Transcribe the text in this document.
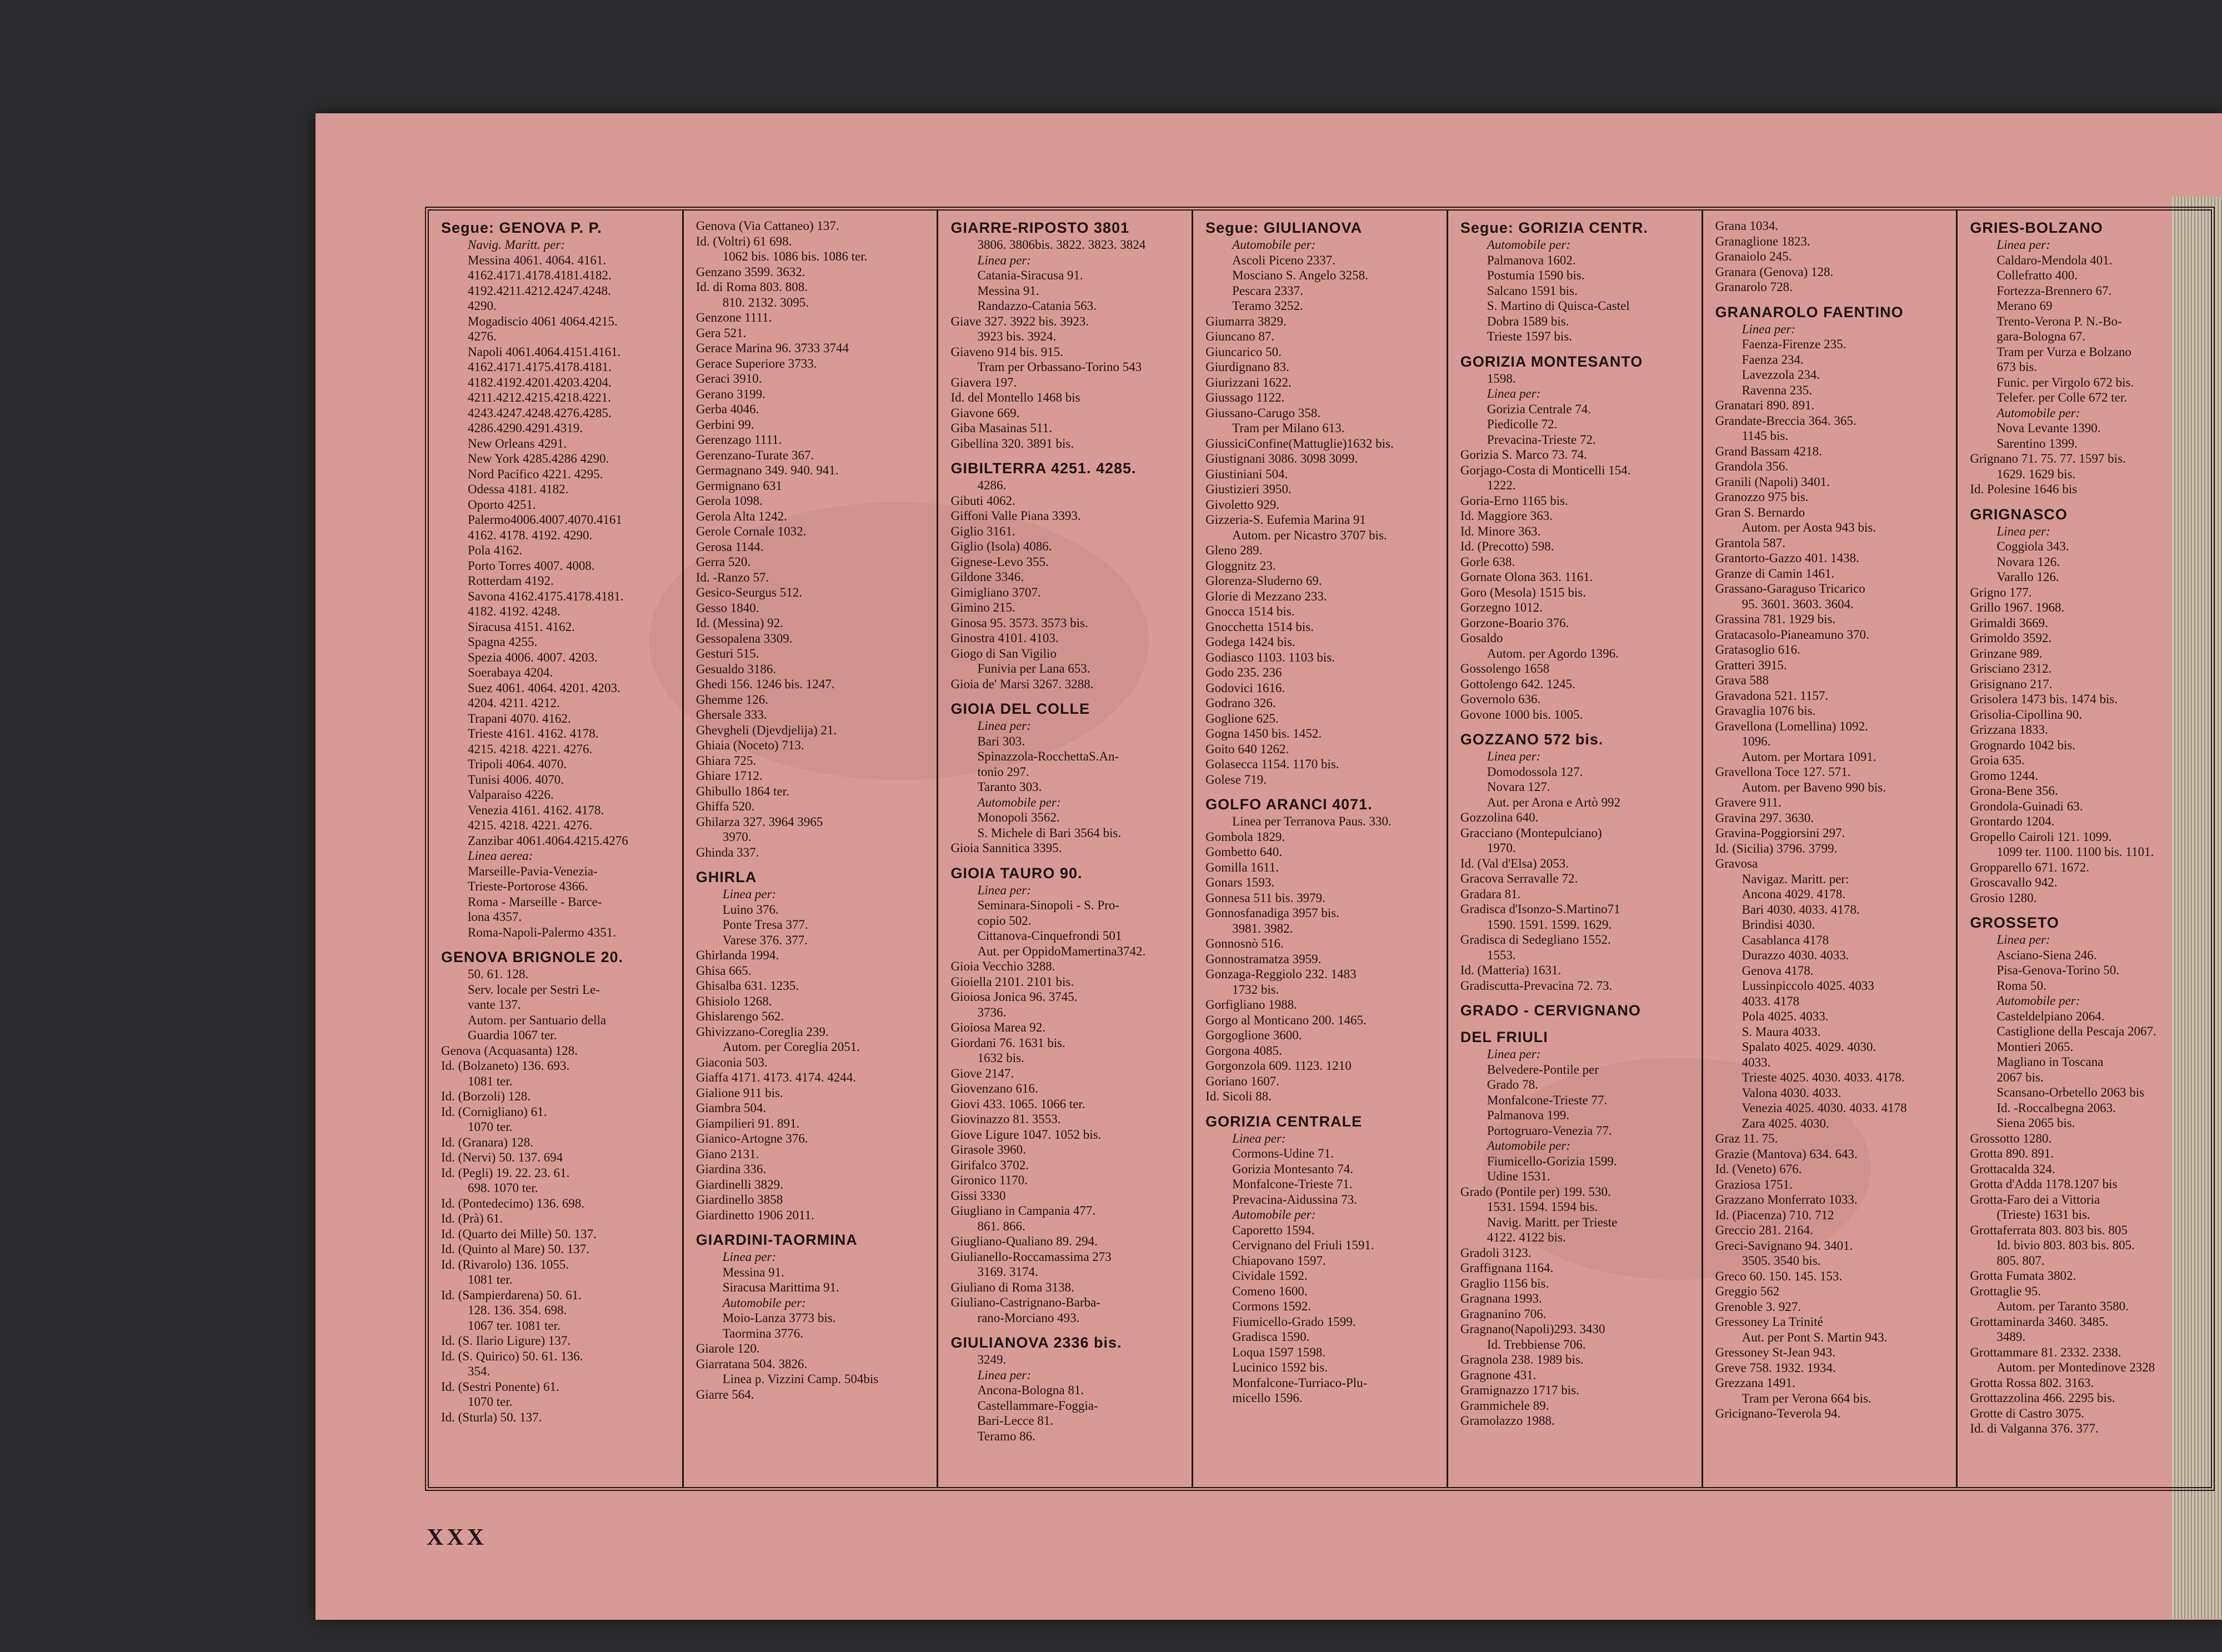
Segue: GENOVA P. P.
Navig. Maritt. per:
Messina 4061. 4064. 4161.
4162.4171.4178.4181.4182.
4192.4211.4212.4247.4248.
4290.
Mogadiscio 4061 4064.4215.
4276.
Napoli 4061.4064.4151.4161.
4162.4171.4175.4178.4181.
4182.4192.4201.4203.4204.
4211.4212.4215.4218.4221.
4243.4247.4248.4276.4285.
4286.4290.4291.4319.
New Orleans 4291.
New York 4285.4286 4290.
Nord Pacifico 4221. 4295.
Odessa 4181. 4182.
Oporto 4251.
Palermo4006.4007.4070.4161
4162. 4178. 4192. 4290.
Pola 4162.
Porto Torres 4007. 4008.
Rotterdam 4192.
Savona 4162.4175.4178.4181.
4182. 4192. 4248.
Siracusa 4151. 4162.
Spagna 4255.
Spezia 4006. 4007. 4203.
Soerabaya 4204.
Suez 4061. 4064. 4201. 4203.
4204. 4211. 4212.
Trapani 4070. 4162.
Trieste 4161. 4162. 4178.
4215. 4218. 4221. 4276.
Tripoli 4064. 4070.
Tunisi 4006. 4070.
Valparaiso 4226.
Venezia 4161. 4162. 4178.
4215. 4218. 4221. 4276.
Zanzibar 4061.4064.4215.4276
Linea aerea:
Marseille-Pavia-Venezia-
Trieste-Portorose 4366.
Roma - Marseille - Barce-
lona 4357.
Roma-Napoli-Palermo 4351.
GENOVA BRIGNOLE 20.
50. 61. 128.
Serv. locale per Sestri Le-
vante 137.
Autom. per Santuario della
Guardia 1067 ter.
Genova (Acquasanta) 128.
Id. (Bolzaneto) 136. 693.
1081 ter.
Id. (Borzoli) 128.
Id. (Cornigliano) 61.
1070 ter.
Id. (Granara) 128.
Id. (Nervi) 50. 137. 694
Id. (Pegli) 19. 22. 23. 61.
698. 1070 ter.
Id. (Pontedecimo) 136. 698.
Id. (Prà) 61.
Id. (Quarto dei Mille) 50. 137.
Id. (Quinto al Mare) 50. 137.
Id. (Rivarolo) 136. 1055.
1081 ter.
Id. (Sampierdarena) 50. 61.
128. 136. 354. 698.
1067 ter. 1081 ter.
Id. (S. Ilario Ligure) 137.
Id. (S. Quirico) 50. 61. 136.
354.
Id. (Sestri Ponente) 61.
1070 ter.
Id. (Sturla) 50. 137.
Genova (Via Cattaneo) 137.
Id. (Voltri) 61 698.
1062 bis. 1086 bis. 1086 ter.
Genzano 3599. 3632.
Id. di Roma 803. 808.
810. 2132. 3095.
Genzone 1111.
Gera 521.
Gerace Marina 96. 3733 3744
Gerace Superiore 3733.
Geraci 3910.
Gerano 3199.
Gerba 4046.
Gerbini 99.
Gerenzago 1111.
Gerenzano-Turate 367.
Germagnano 349. 940. 941.
Germignano 631
Gerola 1098.
Gerola Alta 1242.
Gerole Cornale 1032.
Gerosa 1144.
Gerra 520.
Id. -Ranzo 57.
Gesico-Seurgus 512.
Gesso 1840.
Id. (Messina) 92.
Gessopalena 3309.
Gesturi 515.
Gesualdo 3186.
Ghedi 156. 1246 bis. 1247.
Ghemme 126.
Ghersale 333.
Ghevgheli (Djevdjelija) 21.
Ghiaia (Noceto) 713.
Ghiara 725.
Ghiare 1712.
Ghibullo 1864 ter.
Ghiffa 520.
Ghilarza 327. 3964 3965
3970.
Ghinda 337.
GHIRLA
Linea per:
Luino 376.
Ponte Tresa 377.
Varese 376. 377.
Ghirlanda 1994.
Ghisa 665.
Ghisalba 631. 1235.
Ghisiolo 1268.
Ghislarengo 562.
Ghivizzano-Coreglia 239.
Autom. per Coreglia 2051.
Giaconia 503.
Giaffa 4171. 4173. 4174. 4244.
Gialione 911 bis.
Giambra 504.
Giampilieri 91. 891.
Gianico-Artogne 376.
Giano 2131.
Giardina 336.
Giardinelli 3829.
Giardinello 3858
Giardinetto 1906 2011.
GIARDINI-TAORMINA
Linea per:
Messina 91.
Siracusa Marittima 91.
Automobile per:
Moio-Lanza 3773 bis.
Taormina 3776.
Giarole 120.
Giarratana 504. 3826.
Linea p. Vizzini Camp. 504bis
Giarre 564.
GIARRE-RIPOSTO 3801
3806. 3806bis. 3822. 3823. 3824
Linea per:
Catania-Siracusa 91.
Messina 91.
Randazzo-Catania 563.
Giave 327. 3922 bis. 3923.
3923 bis. 3924.
Giaveno 914 bis. 915.
Tram per Orbassano-Torino 543
Giavera 197.
Id. del Montello 1468 bis
Giavone 669.
Giba Masainas 511.
Gibellina 320. 3891 bis.
GIBILTERRA 4251. 4285.
4286.
Gibuti 4062.
Giffoni Valle Piana 3393.
Giglio 3161.
Giglio (Isola) 4086.
Gignese-Levo 355.
Gildone 3346.
Gimigliano 3707.
Gimino 215.
Ginosa 95. 3573. 3573 bis.
Ginostra 4101. 4103.
Giogo di San Vigilio
Funivia per Lana 653.
Gioia de' Marsi 3267. 3288.
GIOIA DEL COLLE
Linea per:
Bari 303.
Spinazzola-RocchettaS.An-
tonio 297.
Taranto 303.
Automobile per:
Monopoli 3562.
S. Michele di Bari 3564 bis.
Gioia Sannitica 3395.
GIOIA TAURO 90.
Linea per:
Seminara-Sinopoli - S. Pro-
copio 502.
Cittanova-Cinquefrondi 501
Aut. per OppidoMamertina3742.
Gioia Vecchio 3288.
Gioiella 2101. 2101 bis.
Gioiosa Jonica 96. 3745.
3736.
Gioiosa Marea 92.
Giordani 76. 1631 bis.
1632 bis.
Giove 2147.
Giovenzano 616.
Giovi 433. 1065. 1066 ter.
Giovinazzo 81. 3553.
Giove Ligure 1047. 1052 bis.
Girasole 3960.
Girifalco 3702.
Gironico 1170.
Gissi 3330
Giugliano in Campania 477.
861. 866.
Giugliano-Qualiano 89. 294.
Giulianello-Roccamassima 273
3169. 3174.
Giuliano di Roma 3138.
Giuliano-Castrignano-Barba-
rano-Morciano 493.
GIULIANOVA 2336 bis.
3249.
Linea per:
Ancona-Bologna 81.
Castellammare-Foggia-
Bari-Lecce 81.
Teramo 86.
Segue: GIULIANOVA
Automobile per:
Ascoli Piceno 2337.
Mosciano S. Angelo 3258.
Pescara 2337.
Teramo 3252.
Giumarra 3829.
Giuncano 87.
Giuncarico 50.
Giurdignano 83.
Giurizzani 1622.
Giussago 1122.
Giussano-Carugo 358.
Tram per Milano 613.
GiussiciConfine(Mattuglie)1632 bis.
Giustignani 3086. 3098 3099.
Giustiniani 504.
Giustizieri 3950.
Givoletto 929.
Gizzeria-S. Eufemia Marina 91
Autom. per Nicastro 3707 bis.
Gleno 289.
Gloggnitz 23.
Glorenza-Sluderno 69.
Glorie di Mezzano 233.
Gnocca 1514 bis.
Gnocchetta 1514 bis.
Godega 1424 bis.
Godiasco 1103. 1103 bis.
Godo 235. 236
Godovici 1616.
Godrano 326.
Goglione 625.
Gogna 1450 bis. 1452.
Goito 640 1262.
Golasecca 1154. 1170 bis.
Golese 719.
GOLFO ARANCI 4071.
Linea per Terranova Paus. 330.
Gombola 1829.
Gombetto 640.
Gomilla 1611.
Gonars 1593.
Gonnesa 511 bis. 3979.
Gonnosfanadiga 3957 bis.
3981. 3982.
Gonnosnò 516.
Gonnostramatza 3959.
Gonzaga-Reggiolo 232. 1483
1732 bis.
Gorfigliano 1988.
Gorgo al Monticano 200. 1465.
Gorgoglione 3600.
Gorgona 4085.
Gorgonzola 609. 1123. 1210
Goriano 1607.
Id. Sicoli 88.
GORIZIA CENTRALE
Linea per:
Cormons-Udine 71.
Gorizia Montesanto 74.
Monfalcone-Trieste 71.
Prevacina-Aidussina 73.
Automobile per:
Caporetto 1594.
Cervignano del Friuli 1591.
Chiapovano 1597.
Cividale 1592.
Comeno 1600.
Cormons 1592.
Fiumicello-Grado 1599.
Gradisca 1590.
Loqua 1597 1598.
Lucinico 1592 bis.
Monfalcone-Turriaco-Plu-
micello 1596.
Segue: GORIZIA CENTR.
Automobile per:
Palmanova 1602.
Postumia 1590 bis.
Salcano 1591 bis.
S. Martino di Quisca-Castel
Dobra 1589 bis.
Trieste 1597 bis.
GORIZIA MONTESANTO
1598.
Linea per:
Gorizia Centrale 74.
Piedicolle 72.
Prevacina-Trieste 72.
Gorizia S. Marco 73. 74.
Gorjago-Costa di Monticelli 154.
1222.
Goria-Erno 1165 bis.
Id. Maggiore 363.
Id. Minore 363.
Id. (Precotto) 598.
Gorle 638.
Gornate Olona 363. 1161.
Goro (Mesola) 1515 bis.
Gorzegno 1012.
Gorzone-Boario 376.
Gosaldo
Autom. per Agordo 1396.
Gossolengo 1658
Gottolengo 642. 1245.
Governolo 636.
Govone 1000 bis. 1005.
GOZZANO 572 bis.
Linea per:
Domodossola 127.
Novara 127.
Aut. per Arona e Artò 992
Gozzolina 640.
Gracciano (Montepulciano)
1970.
Id. (Val d'Elsa) 2053.
Gracova Serravalle 72.
Gradara 81.
Gradisca d'Isonzo-S.Martino71
1590. 1591. 1599. 1629.
Gradisca di Sedegliano 1552.
1553.
Id. (Matteria) 1631.
Gradiscutta-Prevacina 72. 73.
GRADO - CERVIGNANO
DEL FRIULI
Linea per:
Belvedere-Pontile per
Grado 78.
Monfalcone-Trieste 77.
Palmanova 199.
Portogruaro-Venezia 77.
Automobile per:
Fiumicello-Gorizia 1599.
Udine 1531.
Grado (Pontile per) 199. 530.
1531. 1594. 1594 bis.
Navig. Maritt. per Trieste
4122. 4122 bis.
Gradoli 3123.
Graffignana 1164.
Graglio 1156 bis.
Gragnana 1993.
Gragnanino 706.
Gragnano(Napoli)293. 3430
Id. Trebbiense 706.
Gragnola 238. 1989 bis.
Gragnone 431.
Gramignazzo 1717 bis.
Grammichele 89.
Gramolazzo 1988.
Grana 1034.
Granaglione 1823.
Granaiolo 245.
Granara (Genova) 128.
Granarolo 728.
GRANAROLO FAENTINO
Linea per:
Faenza-Firenze 235.
Faenza 234.
Lavezzola 234.
Ravenna 235.
Granatari 890. 891.
Grandate-Breccia 364. 365.
1145 bis.
Grand Bassam 4218.
Grandola 356.
Granili (Napoli) 3401.
Granozzo 975 bis.
Gran S. Bernardo
Autom. per Aosta 943 bis.
Grantola 587.
Grantorto-Gazzo 401. 1438.
Granze di Camin 1461.
Grassano-Garaguso Tricarico
95. 3601. 3603. 3604.
Grassina 781. 1929 bis.
Gratacasolo-Pianeamuno 370.
Gratasoglio 616.
Gratteri 3915.
Grava 588
Gravadona 521. 1157.
Gravaglia 1076 bis.
Gravellona (Lomellina) 1092.
1096.
Autom. per Mortara 1091.
Gravellona Toce 127. 571.
Autom. per Baveno 990 bis.
Gravere 911.
Gravina 297. 3630.
Gravina-Poggiorsini 297.
Id. (Sicilia) 3796. 3799.
Gravosa
Navigaz. Maritt. per:
Ancona 4029. 4178.
Bari 4030. 4033. 4178.
Brindisi 4030.
Casablanca 4178
Durazzo 4030. 4033.
Genova 4178.
Lussinpiccolo 4025. 4033
4033. 4178
Pola 4025. 4033.
S. Maura 4033.
Spalato 4025. 4029. 4030.
4033.
Trieste 4025. 4030. 4033. 4178.
Valona 4030. 4033.
Venezia 4025. 4030. 4033. 4178
Zara 4025. 4030.
Graz 11. 75.
Grazie (Mantova) 634. 643.
Id. (Veneto) 676.
Graziosa 1751.
Grazzano Monferrato 1033.
Id. (Piacenza) 710. 712
Greccio 281. 2164.
Greci-Savignano 94. 3401.
3505. 3540 bis.
Greco 60. 150. 145. 153.
Greggio 562
Grenoble 3. 927.
Gressoney La Trinité
Aut. per Pont S. Martin 943.
Gressoney St-Jean 943.
Greve 758. 1932. 1934.
Grezzana 1491.
Tram per Verona 664 bis.
Gricignano-Teverola 94.
GRIES-BOLZANO
Linea per:
Caldaro-Mendola 401.
Collefratto 400.
Fortezza-Brennero 67.
Merano 69
Trento-Verona P. N.-Bo-
gara-Bologna 67.
Tram per Vurza e Bolzano
673 bis.
Funic. per Virgolo 672 bis.
Telefer. per Colle 672 ter.
Automobile per:
Nova Levante 1390.
Sarentino 1399.
Grignano 71. 75. 77. 1597 bis.
1629. 1629 bis.
Id. Polesine 1646 bis
GRIGNASCO
Linea per:
Coggiola 343.
Novara 126.
Varallo 126.
Grigno 177.
Grillo 1967. 1968.
Grimaldi 3669.
Grimoldo 3592.
Grinzane 989.
Grisciano 2312.
Grisignano 217.
Grisolera 1473 bis. 1474 bis.
Grisolia-Cipollina 90.
Grizzana 1833.
Grognardo 1042 bis.
Groia 635.
Gromo 1244.
Grona-Bene 356.
Grondola-Guinadi 63.
Grontardo 1204.
Gropello Cairoli 121. 1099.
1099 ter. 1100. 1100 bis. 1101.
Gropparello 671. 1672.
Groscavallo 942.
Grosio 1280.
GROSSETO
Linea per:
Asciano-Siena 246.
Pisa-Genova-Torino 50.
Roma 50.
Automobile per:
Casteldelpiano 2064.
Castiglione della Pescaja 2067.
Montieri 2065.
Magliano in Toscana
2067 bis.
Scansano-Orbetello 2063 bis
Id. -Roccalbegna 2063.
Siena 2065 bis.
Grossotto 1280.
Grotta 890. 891.
Grottacalda 324.
Grotta d'Adda 1178.1207 bis
Grotta-Faro dei a Vittoria
(Trieste) 1631 bis.
Grottaferrata 803. 803 bis. 805
Id. bivio 803. 803 bis. 805.
805. 807.
Grotta Fumata 3802.
Grottaglie 95.
Autom. per Taranto 3580.
Grottaminarda 3460. 3485.
3489.
Grottammare 81. 2332. 2338.
Autom. per Montedinove 2328
Grotta Rossa 802. 3163.
Grottazzolina 466. 2295 bis.
Grotte di Castro 3075.
Id. di Valganna 376. 377.
XXX
